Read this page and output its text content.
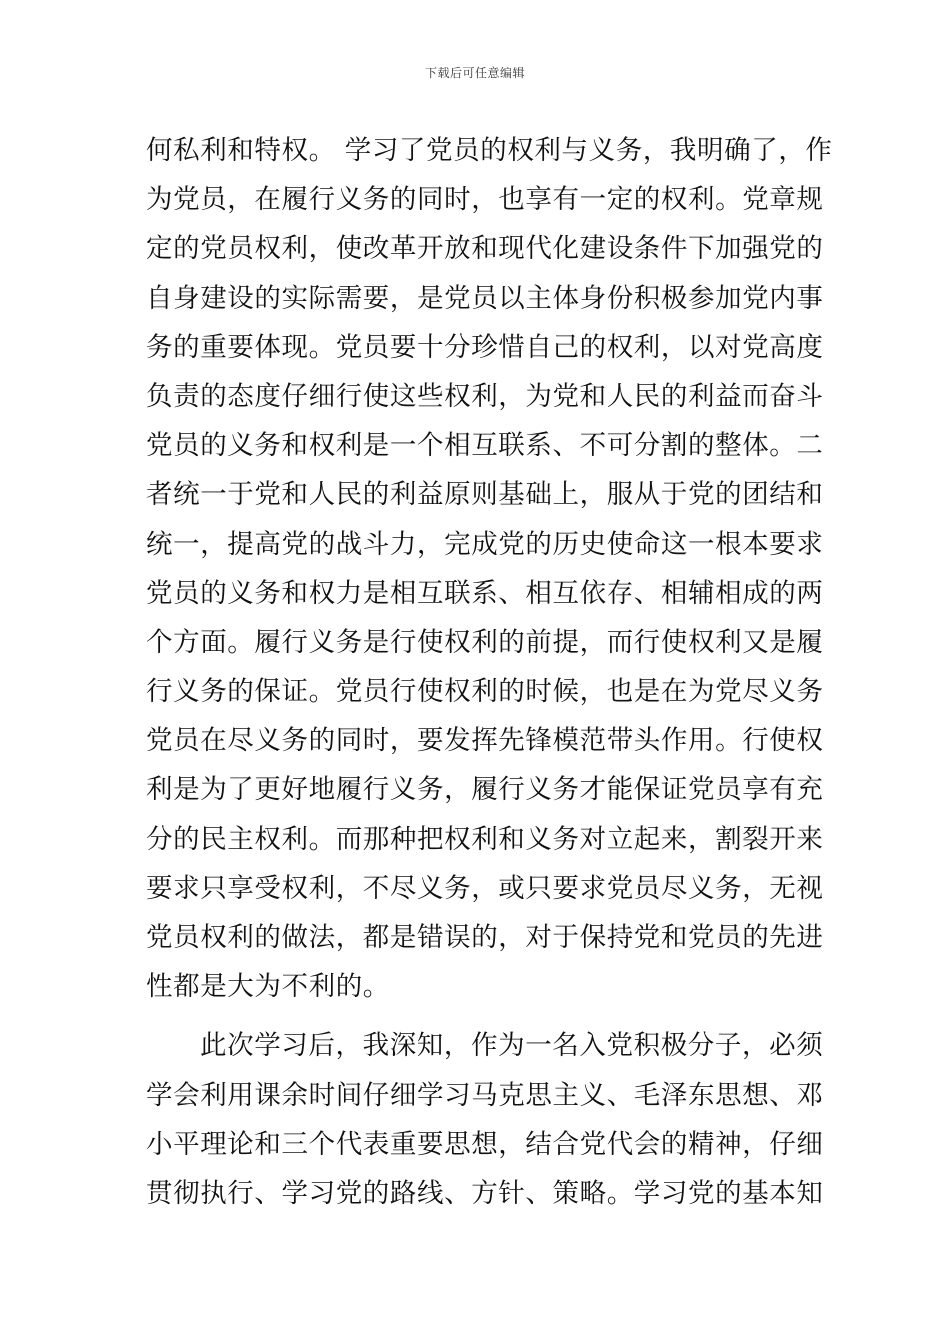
下载后可任意编辑
何私利和特权。 学习了党员的权利与义务，我明确了，作
为党员，在履行义务的同时，也享有一定的权利。党章规
定的党员权利，使改革开放和现代化建设条件下加强党的
自身建设的实际需要，是党员以主体身份积极参加党内事
务的重要体现。党员要十分珍惜自己的权利，以对党高度
负责的态度仔细行使这些权利，为党和人民的利益而奋斗
党员的义务和权利是一个相互联系、不可分割的整体。二
者统一于党和人民的利益原则基础上，服从于党的团结和
统一，提高党的战斗力，完成党的历史使命这一根本要求
党员的义务和权力是相互联系、相互依存、相辅相成的两
个方面。履行义务是行使权利的前提，而行使权利又是履
行义务的保证。党员行使权利的时候，也是在为党尽义务
党员在尽义务的同时，要发挥先锋模范带头作用。行使权
利是为了更好地履行义务，履行义务才能保证党员享有充
分的民主权利。而那种把权利和义务对立起来，割裂开来
要求只享受权利，不尽义务，或只要求党员尽义务，无视
党员权利的做法，都是错误的，对于保持党和党员的先进
性都是大为不利的。
此次学习后，我深知，作为一名入党积极分子，必须
学会利用课余时间仔细学习马克思主义、毛泽东思想、邓
小平理论和三个代表重要思想，结合党代会的精神，仔细
贯彻执行、学习党的路线、方针、策略。学习党的基本知
